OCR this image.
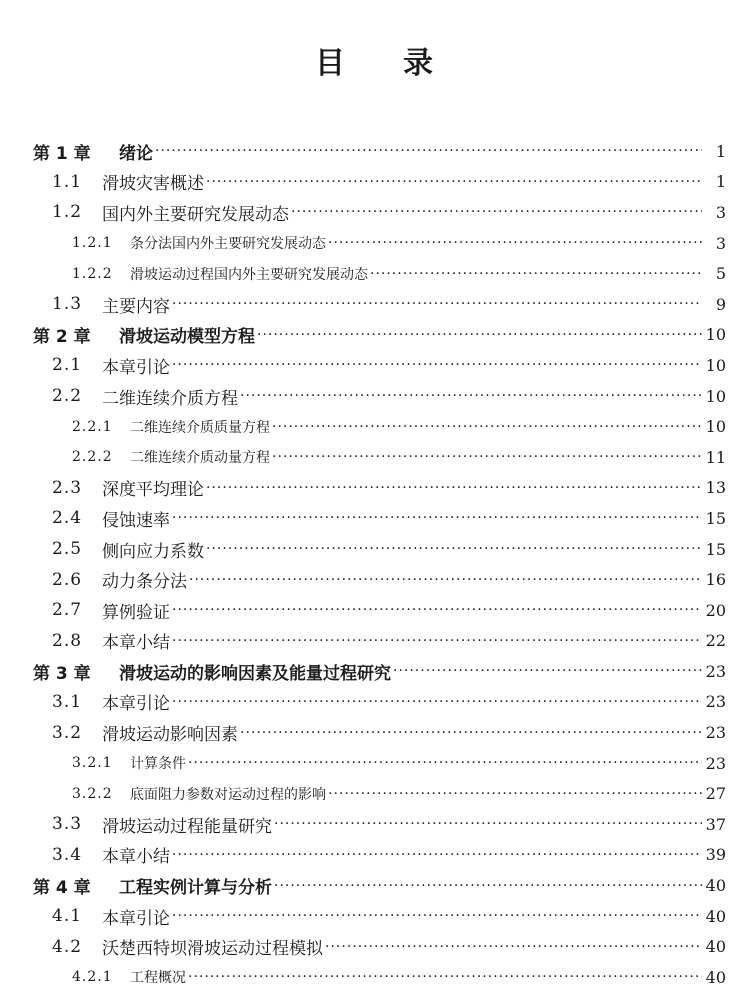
目 录
第 1 章	绪论 ·····	1
1.1	滑坡灾害概述 ·····	1
1.2	国内外主要研究发展动态 ·····	3
1.2.1	条分法国内外主要研究发展动态 ·····	3
1.2.2	滑坡运动过程国内外主要研究发展动态 ·····	5
1.3	主要内容 ·····	9
第 2 章	滑坡运动模型方程 ·····	10
2.1	本章引论 ·····	10
2.2	二维连续介质方程 ·····	10
2.2.1	二维连续介质质量方程 ·····	10
2.2.2	二维连续介质动量方程 ·····	11
2.3	深度平均理论 ·····	13
2.4	侵蚀速率 ·····	15
2.5	侧向应力系数 ·····	15
2.6	动力条分法 ·····	16
2.7	算例验证 ·····	20
2.8	本章小结 ·····	22
第 3 章	滑坡运动的影响因素及能量过程研究 ·····	23
3.1	本章引论 ·····	23
3.2	滑坡运动影响因素 ·····	23
3.2.1	计算条件 ·····	23
3.2.2	底面阻力参数对运动过程的影响 ·····	27
3.3	滑坡运动过程能量研究 ·····	37
3.4	本章小结 ·····	39
第 4 章	工程实例计算与分析 ·····	40
4.1	本章引论 ·····	40
4.2	沃楚西特坝滑坡运动过程模拟 ·····	40
4.2.1	工程概况 ·····	40
